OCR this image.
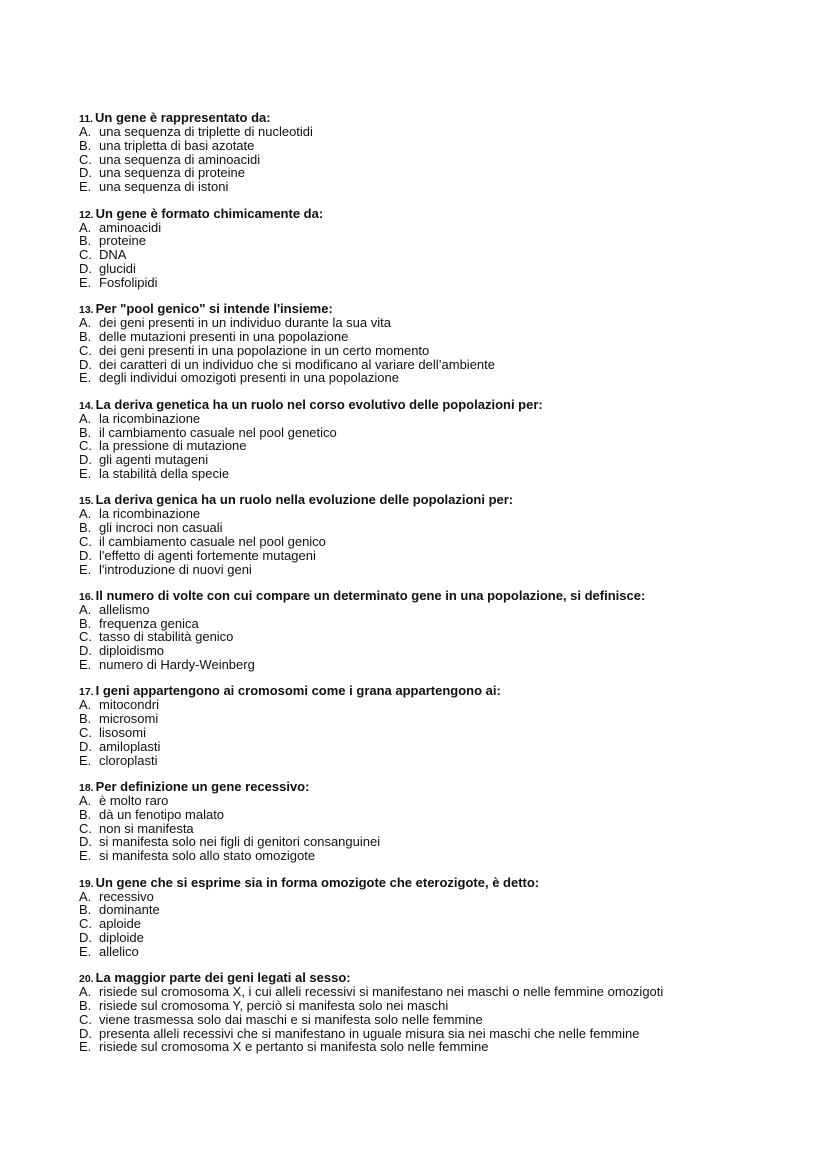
11. Un gene è rappresentato da:
A. una sequenza di triplette di nucleotidi
B. una tripletta di basi azotate
C. una sequenza di aminoacidi
D. una sequenza di proteine
E. una sequenza di istoni
12. Un gene è formato chimicamente da:
A. aminoacidi
B. proteine
C. DNA
D. glucidi
E. Fosfolipidi
13. Per "pool genico" si intende l'insieme:
A. dei geni presenti in un individuo durante la sua vita
B. delle mutazioni presenti in una popolazione
C. dei geni presenti in una popolazione in un certo momento
D. dei caratteri di un individuo che si modificano al variare dell’ambiente
E. degli individui omozigoti presenti in una popolazione
14. La deriva genetica ha un ruolo nel corso evolutivo delle popolazioni per:
A. la ricombinazione
B. il cambiamento casuale nel pool genetico
C. la pressione di mutazione
D. gli agenti mutageni
E. la stabilità della specie
15. La deriva genica ha un ruolo nella evoluzione delle popolazioni per:
A. la ricombinazione
B. gli incroci non casuali
C. il cambiamento casuale nel pool genico
D. l'effetto di agenti fortemente mutageni
E. l'introduzione di nuovi geni
16. Il numero di volte con cui compare un determinato gene in una popolazione, si definisce:
A. allelismo
B. frequenza genica
C. tasso di stabilità genico
D. diploidismo
E. numero di Hardy-Weinberg
17. I geni appartengono ai cromosomi come i grana appartengono ai:
A. mitocondri
B. microsomi
C. lisosomi
D. amiloplasti
E. cloroplasti
18. Per definizione un gene recessivo:
A. è molto raro
B. dà un fenotipo malato
C. non si manifesta
D. si manifesta solo nei figli di genitori consanguinei
E. si manifesta solo allo stato omozigote
19. Un gene che si esprime sia in forma omozigote che eterozigote, è detto:
A. recessivo
B. dominante
C. aploide
D. diploide
E. allelico
20. La maggior parte dei geni legati al sesso:
A. risiede sul cromosoma X, i cui alleli recessivi si manifestano nei maschi o nelle femmine omozigoti
B. risiede sul cromosoma Y, perciò si manifesta solo nei maschi
C. viene trasmessa solo dai maschi e si manifesta solo nelle femmine
D. presenta alleli recessivi che si manifestano in uguale misura sia nei maschi che nelle femmine
E. risiede sul cromosoma X e pertanto si manifesta solo nelle femmine
